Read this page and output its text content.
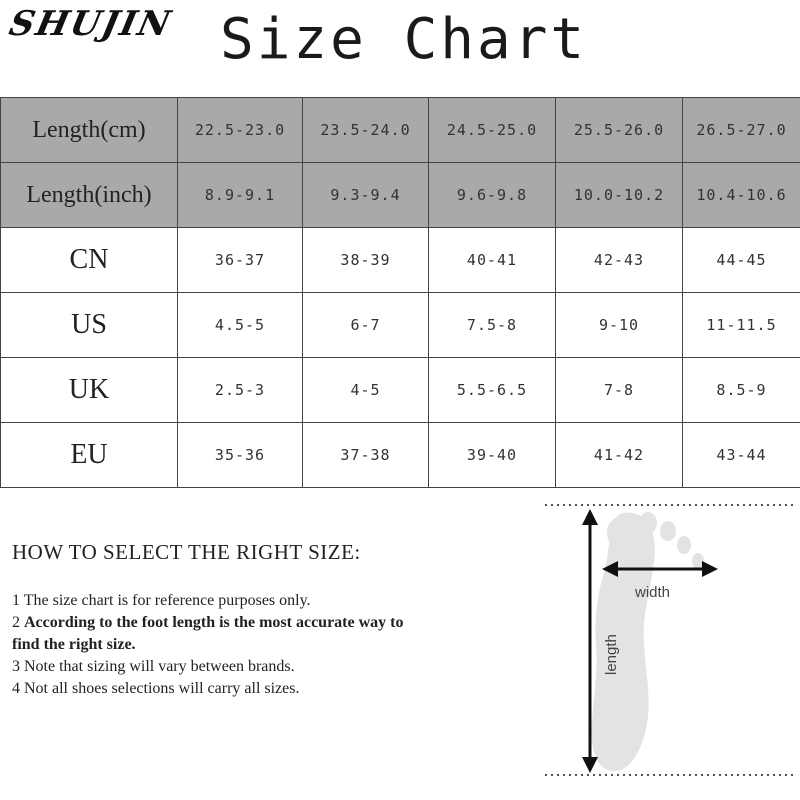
SHUJIN Size Chart
Length(cm)	22.5-23.0	23.5-24.0	24.5-25.0	25.5-26.0	26.5-27.0
Length(inch)	8.9-9.1	9.3-9.4	9.6-9.8	10.0-10.2	10.4-10.6
CN	36-37	38-39	40-41	42-43	44-45
US	4.5-5	6-7	7.5-8	9-10	11-11.5
UK	2.5-3	4-5	5.5-6.5	7-8	8.5-9
EU	35-36	37-38	39-40	41-42	43-44
HOW TO SELECT THE RIGHT SIZE:
1 The size chart is for reference purposes only.
2 According to the foot length is the most accurate way to find the right size.
3 Note that sizing will vary between brands.
4 Not all shoes selections will carry all sizes.
width
length
